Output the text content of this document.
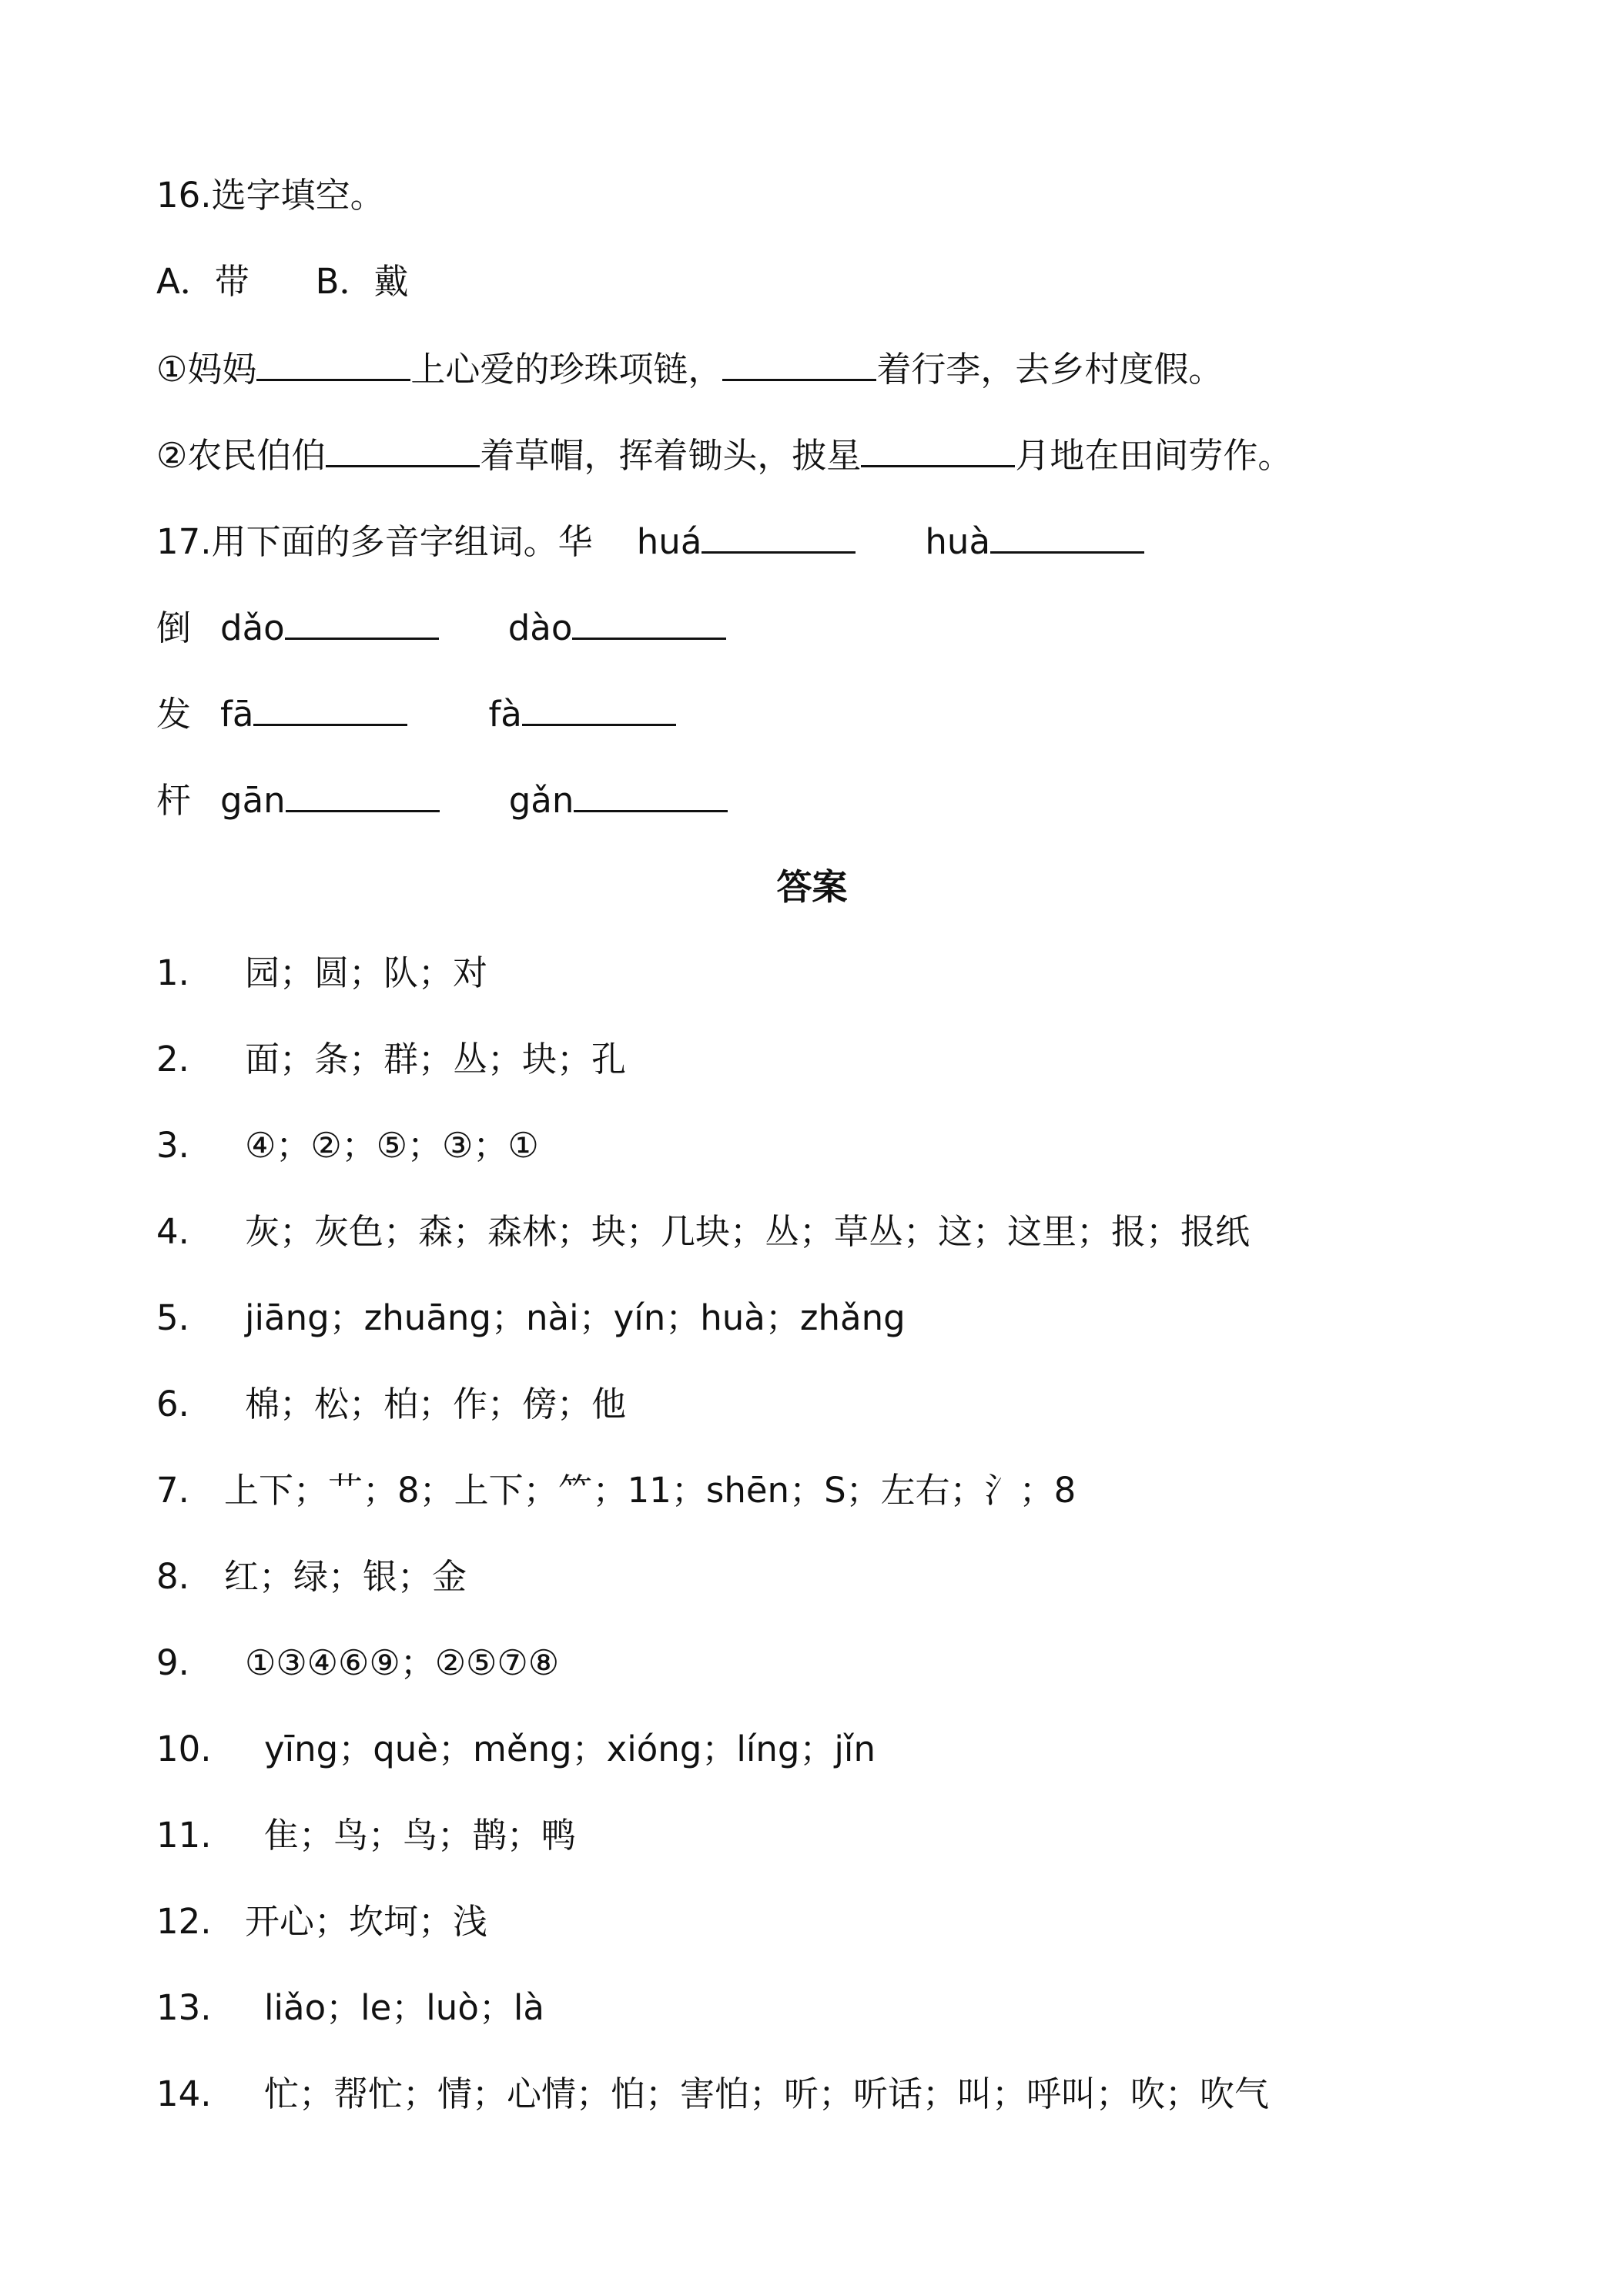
16.选字填空。
A．带      B．戴
①妈妈	上心爱的珍珠项链，	着行李，去乡村度假。
②农民伯伯	着草帽，挥着锄头，披星	月地在田间劳作。
17.用下面的多音字组词。华    huá	huà
倒 dǎo	dào
发 fā	fà
杆 gān	gǎn
答案
1. 园；圆；队；对
2. 面；条；群；丛；块；孔
3. ④；②；⑤；③；①
4. 灰；灰色；森；森林；块；几块；丛；草丛；这；这里；报；报纸
5. jiāng；zhuāng；nài；yín；huà；zhǎng
6. 棉；松；柏；作；傍；他
7. 上下；艹；8；上下；⺮；11；shēn；S；左右；氵；8
8. 红；绿；银；金
9. ①③④⑥⑨；②⑤⑦⑧
10. yīng；què；měng；xióng；líng；jǐn
11. 隹；鸟；鸟；鹊；鸭
12. 开心；坎坷；浅
13. liǎo；le；luò；là
14. 忙；帮忙；情；心情；怕；害怕；听；听话；叫；呼叫；吹；吹气
